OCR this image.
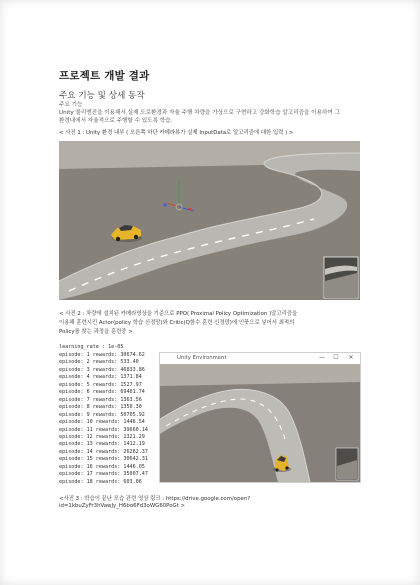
프로젝트 개발 결과
주요 기능 및 상세 동작
주요 기능
Unity 물리엔진을 이용해서 실제 도로환경과 자율 주행 차량을 가상으로 구현하고 강화학습 알고리즘을 이용하여 그
환경내에서 자율적으로 주행할 수 있도록 학습.
< 사진 1 : Unity 환경 내부 ( 오른쪽 하단 카메라뷰가 실제 InputData로 알고리즘에 대한 입력 ) >
< 사진 2 : 차량에 설치된 카메라영상을 기준으로 PPO( Proximal Policy Optimization )알고리즘을
이용해 훈련시킨 Actor(policy 학습 신경망)와 Critic(Q함수 훈련 신경망)에 인풋으로 넣어서 최적의
Policy를 찾는 과정을 훈련중 >
learning_rate : 1e-05
episode: 1 rewards: 30674.62
episode: 2 rewards: 533.40
episode: 3 rewards: 46833.86
episode: 4 rewards: 1371.84
episode: 5 rewards: 1527.97
episode: 6 rewards: 69401.74
episode: 7 rewards: 1363.56
episode: 8 rewards: 1350.30
episode: 9 rewards: 50705.92
episode: 10 rewards: 1446.54
episode: 11 rewards: 39660.14
episode: 12 rewards: 1321.29
episode: 13 rewards: 1412.19
episode: 14 rewards: 26262.37
episode: 15 rewards: 30642.31
episode: 16 rewards: 1446.05
episode: 17 rewards: 35007.47
episode: 18 rewards: 603.06
Unity Environment	—	☐	✕
<사진 3 : 학습이 끝난 모습 관련 영상 링크 : https://drive.google.com/open?
id=1kbuZyFr3hVawJy_H6bo6Fd3oWG60PoGt >
